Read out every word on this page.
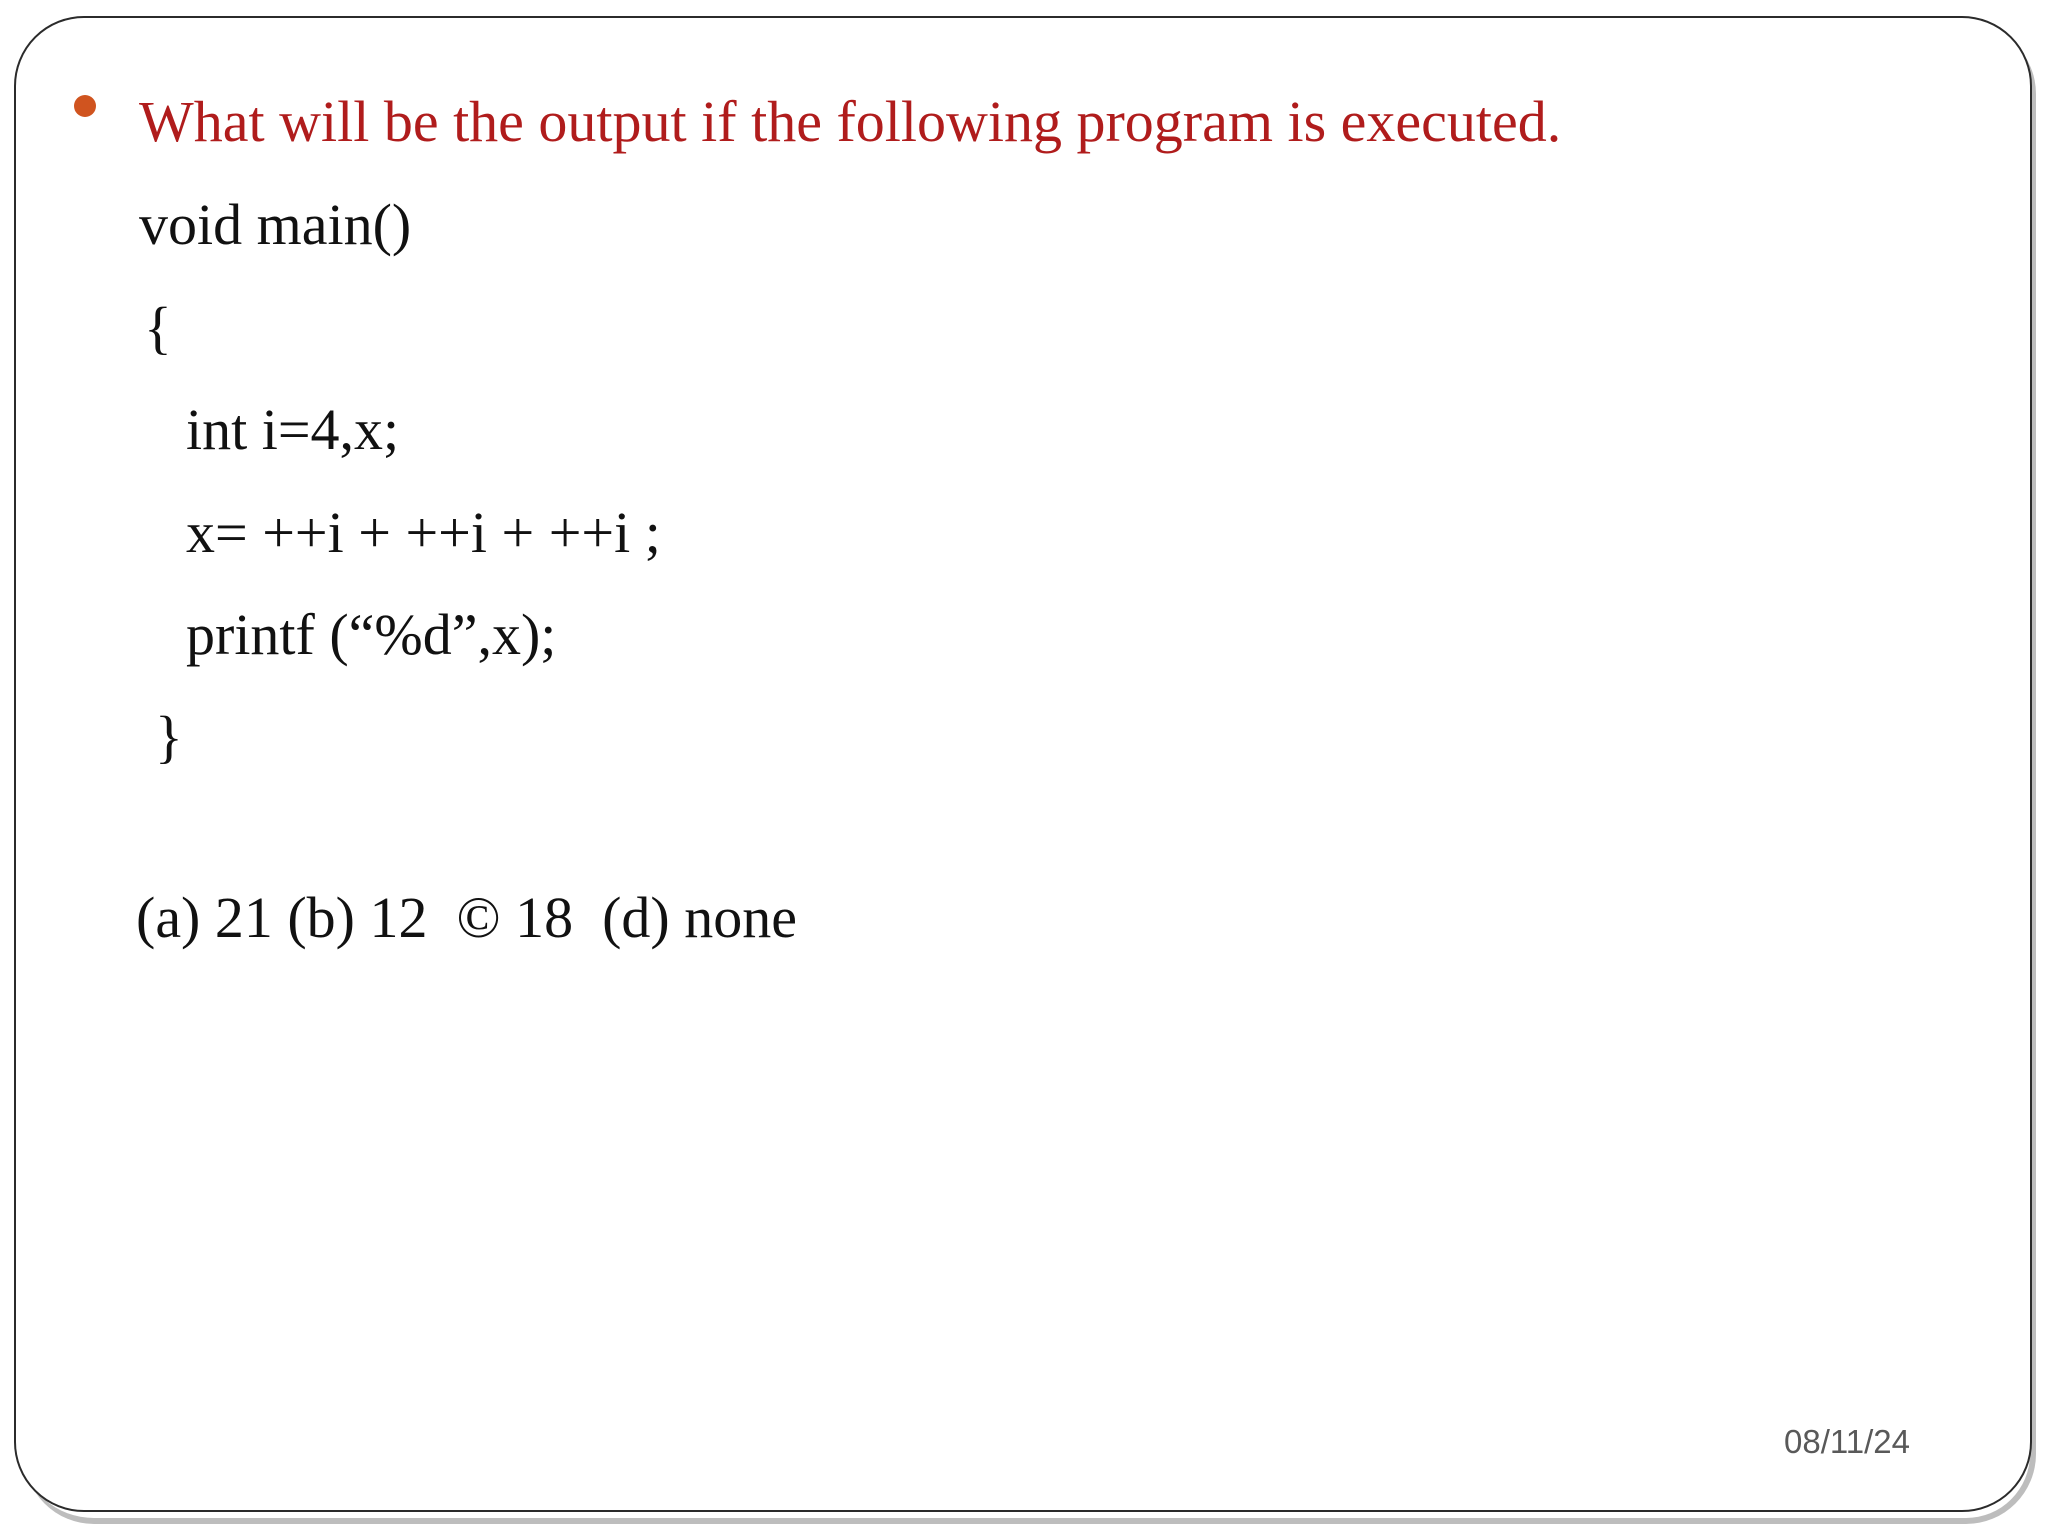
What will be the output if the following program is executed.
void main()
{
int i=4,x;
x= ++i + ++i + ++i ;
printf (“%d”,x);
}
(a) 21 (b) 12  © 18  (d) none
08/11/24
